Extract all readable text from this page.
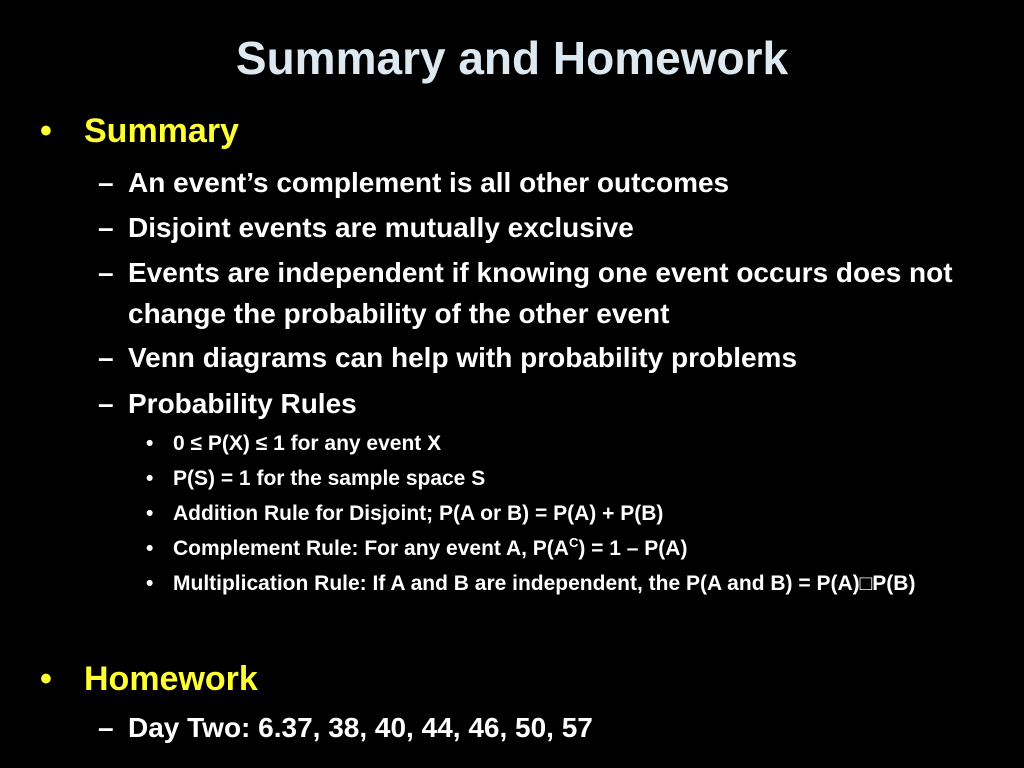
Summary and Homework
• Summary
– An event’s complement is all other outcomes
– Disjoint events are mutually exclusive
– Events are independent if knowing one event occurs does not change the probability of the other event
– Venn diagrams can help with probability problems
– Probability Rules
• 0 ≤ P(X) ≤ 1 for any event X
• P(S) = 1 for the sample space S
• Addition Rule for Disjoint; P(A or B) = P(A) + P(B)
• Complement Rule: For any event A, $P(A^C) = 1 - P(A)$
• Multiplication Rule: If A and B are independent, the P(A and B) = P(A)□P(B)
• Homework
– Day Two: 6.37, 38, 40, 44, 46, 50, 57
